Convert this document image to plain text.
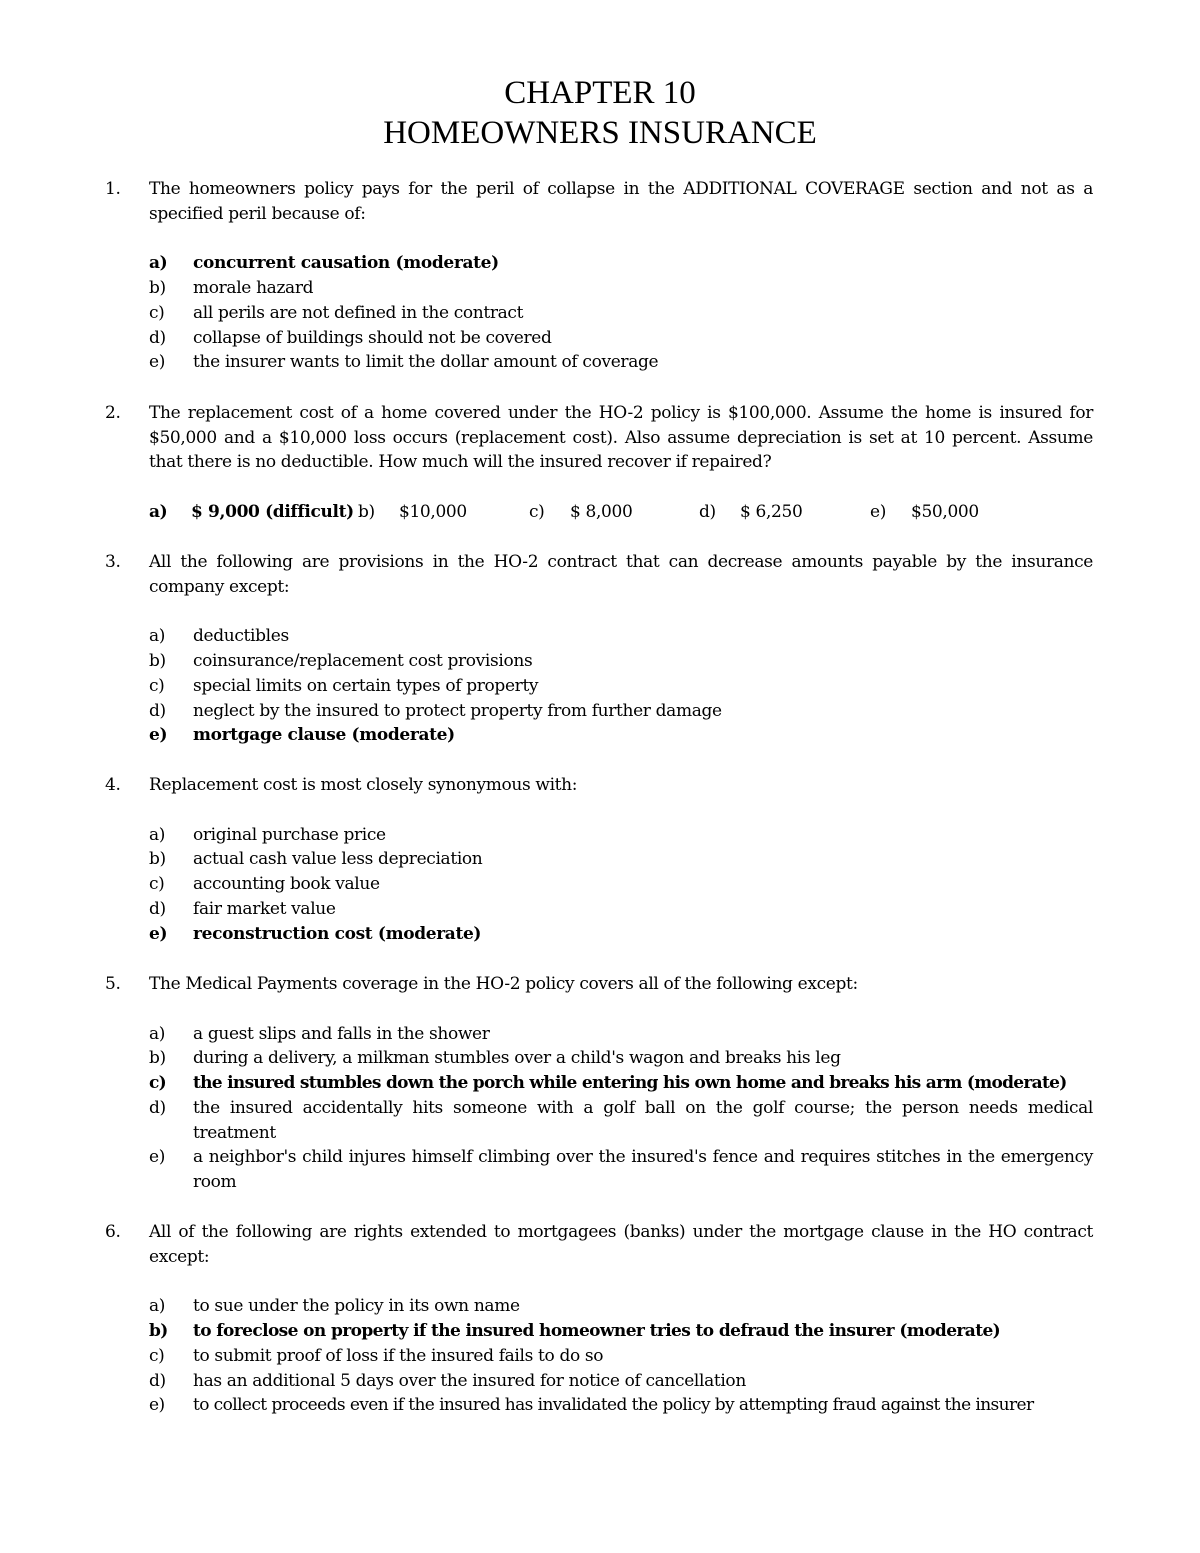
CHAPTER 10
HOMEOWNERS INSURANCE
1.	The homeowners policy pays for the peril of collapse in the ADDITIONAL COVERAGE section and not as a specified peril because of:
a)	concurrent causation (moderate)
b)	morale hazard
c)	all perils are not defined in the contract
d)	collapse of buildings should not be covered
e)	the insurer wants to limit the dollar amount of coverage
2.	The replacement cost of a home covered under the HO-2 policy is $100,000. Assume the home is insured for $50,000 and a $10,000 loss occurs (replacement cost). Also assume depreciation is set at 10 percent. Assume that there is no deductible. How much will the insured recover if repaired?
a) $ 9,000 (difficult) b) $10,000	c) $ 8,000	d) $ 6,250	e) $50,000
3.	All the following are provisions in the HO-2 contract that can decrease amounts payable by the insurance company except:
a)	deductibles
b)	coinsurance/replacement cost provisions
c)	special limits on certain types of property
d)	neglect by the insured to protect property from further damage
e)	mortgage clause (moderate)
4.	Replacement cost is most closely synonymous with:
a)	original purchase price
b)	actual cash value less depreciation
c)	accounting book value
d)	fair market value
e)	reconstruction cost (moderate)
5.	The Medical Payments coverage in the HO-2 policy covers all of the following except:
a)	a guest slips and falls in the shower
b)	during a delivery, a milkman stumbles over a child's wagon and breaks his leg
c)	the insured stumbles down the porch while entering his own home and breaks his arm (moderate)
d)	the insured accidentally hits someone with a golf ball on the golf course; the person needs medical treatment
e)	a neighbor's child injures himself climbing over the insured's fence and requires stitches in the emergency room
6.	All of the following are rights extended to mortgagees (banks) under the mortgage clause in the HO contract except:
a)	to sue under the policy in its own name
b)	to foreclose on property if the insured homeowner tries to defraud the insurer (moderate)
c)	to submit proof of loss if the insured fails to do so
d)	has an additional 5 days over the insured for notice of cancellation
e)	to collect proceeds even if the insured has invalidated the policy by attempting fraud against the insurer
